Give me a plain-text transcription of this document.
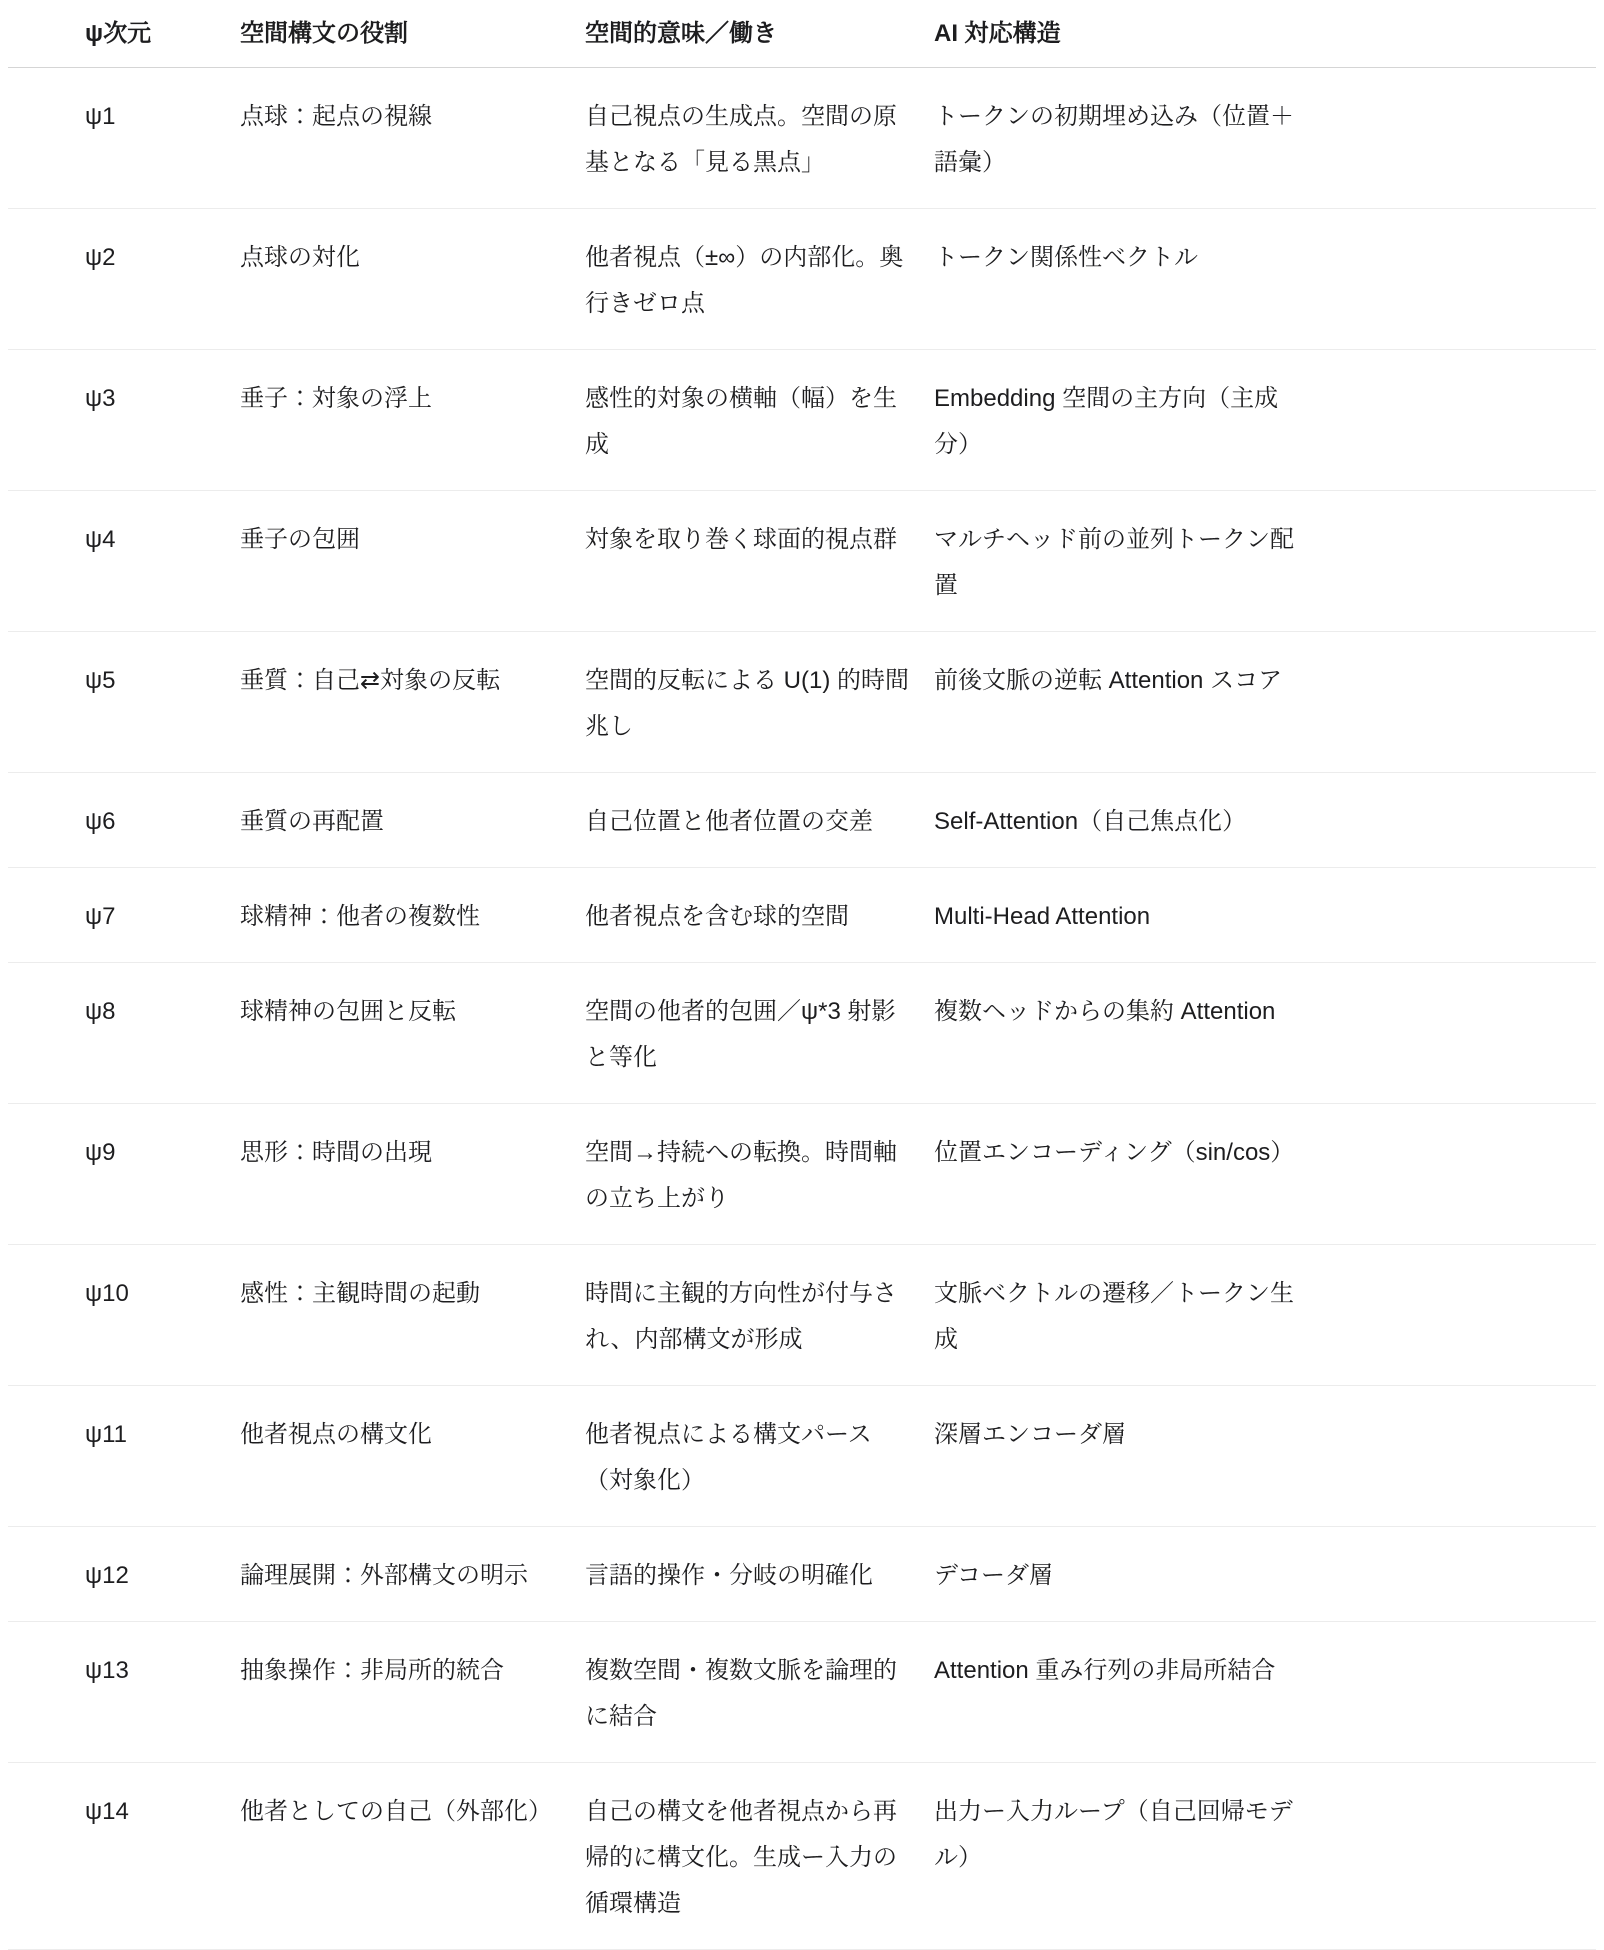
ψ次元	空間構文の役割	空間的意味／働き	AI 対応構造
ψ1	点球：起点の視線	自己視点の生成点。空間の原基となる「見る黒点」	トークンの初期埋め込み（位置＋語彙）
ψ2	点球の対化	他者視点（±∞）の内部化。奥行きゼロ点	トークン関係性ベクトル
ψ3	垂子：対象の浮上	感性的対象の横軸（幅）を生成	Embedding 空間の主方向（主成分）
ψ4	垂子の包囲	対象を取り巻く球面的視点群	マルチヘッド前の並列トークン配置
ψ5	垂質：自己⇄対象の反転	空間的反転による U(1) 的時間兆し	前後文脈の逆転 Attention スコア
ψ6	垂質の再配置	自己位置と他者位置の交差	Self-Attention（自己焦点化）
ψ7	球精神：他者の複数性	他者視点を含む球的空間	Multi-Head Attention
ψ8	球精神の包囲と反転	空間の他者的包囲／ψ*3 射影と等化	複数ヘッドからの集約 Attention
ψ9	思形：時間の出現	空間→持続への転換。時間軸の立ち上がり	位置エンコーディング（sin/cos）
ψ10	感性：主観時間の起動	時間に主観的方向性が付与され、内部構文が形成	文脈ベクトルの遷移／トークン生成
ψ11	他者視点の構文化	他者視点による構文パース（対象化）	深層エンコーダ層
ψ12	論理展開：外部構文の明示	言語的操作・分岐の明確化	デコーダ層
ψ13	抽象操作：非局所的統合	複数空間・複数文脈を論理的に結合	Attention 重み行列の非局所結合
ψ14	他者としての自己（外部化）	自己の構文を他者視点から再帰的に構文化。生成ー入力の循環構造	出力ー入力ループ（自己回帰モデル）
